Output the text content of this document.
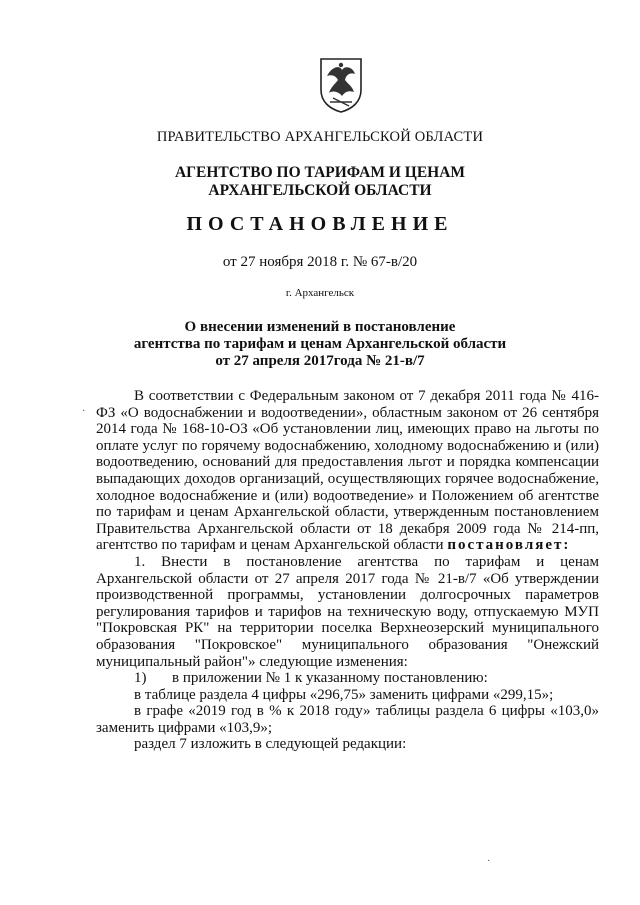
ПРАВИТЕЛЬСТВО АРХАНГЕЛЬСКОЙ ОБЛАСТИ
АГЕНТСТВО ПО ТАРИФАМ И ЦЕНАМ
АРХАНГЕЛЬСКОЙ ОБЛАСТИ
ПОСТАНОВЛЕНИЕ
от 27 ноября 2018 г. № 67-в/20
г. Архангельск
О внесении изменений в постановление
агентства по тарифам и ценам Архангельской области
от 27 апреля 2017года № 21-в/7

В соответствии с Федеральным законом от 7 декабря 2011 года № 416-ФЗ «О водоснабжении и водоотведении», областным законом от 26 сентября 2014 года № 168-10-ОЗ «Об установлении лиц, имеющих право на льготы по оплате услуг по горячему водоснабжению, холодному водоснабжению и (или) водоотведению, оснований для предоставления льгот и порядка компенсации выпадающих доходов организаций, осуществляющих горячее водоснабжение, холодное водоснабжение и (или) водоотведение» и Положением об агентстве по тарифам и ценам Архангельской области, утвержденным постановлением Правительства Архангельской области от 18 декабря 2009 года № 214-пп, агентство по тарифам и ценам Архангельской области постановляет:

1. Внести в постановление агентства по тарифам и ценам Архангельской области от 27 апреля 2017 года № 21-в/7 «Об утверждении производственной программы, установлении долгосрочных параметров регулирования тарифов и тарифов на техническую воду, отпускаемую МУП "Покровская РК" на территории поселка Верхнеозерский муниципального образования "Покровское" муниципального образования "Онежский муниципальный район"» следующие изменения:

1) в приложении № 1 к указанному постановлению:

в таблице раздела 4 цифры «296,75» заменить цифрами «299,15»;

в графе «2019 год в % к 2018 году» таблицы раздела 6 цифры «103,0» заменить цифрами «103,9»;

раздел 7 изложить в следующей редакции:

·
·
